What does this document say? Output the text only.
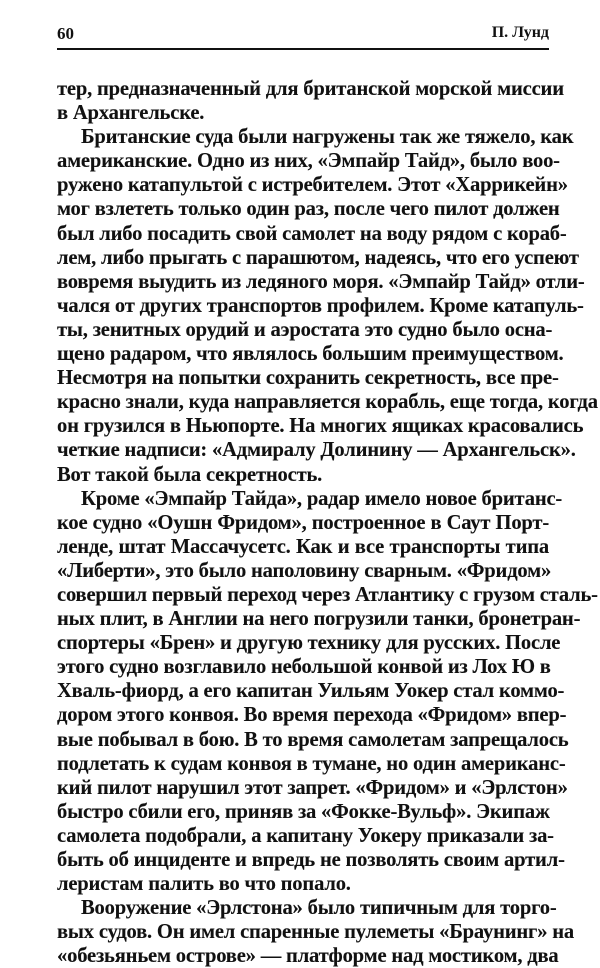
60	П. Лунд
тер, предназначенный для британской морской миссии
в Архангельске.
Британские суда были нагружены так же тяжело, как
американские. Одно из них, «Эмпайр Тайд», было воо-
ружено катапультой с истребителем. Этот «Харрикейн»
мог взлететь только один раз, после чего пилот должен
был либо посадить свой самолет на воду рядом с кораб-
лем, либо прыгать с парашютом, надеясь, что его успеют
вовремя выудить из ледяного моря. «Эмпайр Тайд» отли-
чался от других транспортов профилем. Кроме катапуль-
ты, зенитных орудий и аэростата это судно было осна-
щено радаром, что являлось большим преимуществом.
Несмотря на попытки сохранить секретность, все пре-
красно знали, куда направляется корабль, еще тогда, когда
он грузился в Ньюпорте. На многих ящиках красовались
четкие надписи: «Адмиралу Долинину — Архангельск».
Вот такой была секретность.
Кроме «Эмпайр Тайда», радар имело новое британс-
кое судно «Оушн Фридом», построенное в Саут Порт-
ленде, штат Массачусетс. Как и все транспорты типа
«Либерти», это было наполовину сварным. «Фридом»
совершил первый переход через Атлантику с грузом сталь-
ных плит, в Англии на него погрузили танки, бронетран-
спортеры «Брен» и другую технику для русских. После
этого судно возглавило небольшой конвой из Лох Ю в
Хваль-фиорд, а его капитан Уильям Уокер стал коммо-
дором этого конвоя. Во время перехода «Фридом» впер-
вые побывал в бою. В то время самолетам запрещалось
подлетать к судам конвоя в тумане, но один американс-
кий пилот нарушил этот запрет. «Фридом» и «Эрлстон»
быстро сбили его, приняв за «Фокке-Вульф». Экипаж
самолета подобрали, а капитану Уокеру приказали за-
быть об инциденте и впредь не позволять своим артил-
леристам палить во что попало.
Вооружение «Эрлстона» было типичным для торго-
вых судов. Он имел спаренные пулеметы «Браунинг» на
«обезьяньем острове» — платформе над мостиком, два
